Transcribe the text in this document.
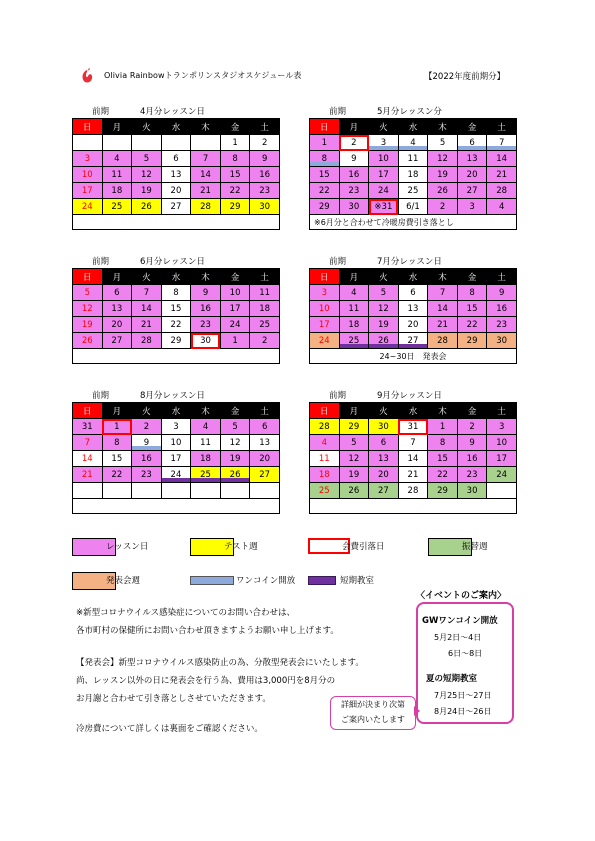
Olivia Rainbowトランポリンスタジオスケジュール表	【2022年度前期分】
前期	4月分レッスン日
日	月	火	水	木	金	土
					1	2
3	4	5	6	7	8	9
10	11	12	13	14	15	16
17	18	19	20	21	22	23
24	25	26	27	28	29	30
前期	5月分レッスン分
日	月	火	水	木	金	土
1	2	3	4	5	6	7
8	9	10	11	12	13	14
15	16	17	18	19	20	21
22	23	24	25	26	27	28
29	30	※31	6/1	2	3	4
※6月分と合わせて冷暖房費引き落とし
前期	6月分レッスン日
日	月	火	水	木	金	土
5	6	7	8	9	10	11
12	13	14	15	16	17	18
19	20	21	22	23	24	25
26	27	28	29	30	1	2
前期	7月分レッスン日
日	月	火	水	木	金	土
3	4	5	6	7	8	9
10	11	12	13	14	15	16
17	18	19	20	21	22	23
24	25	26	27	28	29	30
24~30日　発表会
前期	8月分レッスン日
日	月	火	水	木	金	土
31	1	2	3	4	5	6
7	8	9	10	11	12	13
14	15	16	17	18	19	20
21	22	23	24	25	26	27

前期	9月分レッスン日
日	月	火	水	木	金	土
28	29	30	31	1	2	3
4	5	6	7	8	9	10
11	12	13	14	15	16	17
18	19	20	21	22	23	24
25	26	27	28	29	30	
レッスン日	テスト週	会費引落日	振替週
発表会週	ワンコイン開放	短期教室
※新型コロナウイルス感染症についてのお問い合わせは、
各市町村の保健所にお問い合わせ頂きますようお願い申し上げます。
【発表会】新型コロナウイルス感染防止の為、分散型発表会にいたします。
尚、レッスン以外の日に発表会を行う為、費用は3,000円を8月分の
お月謝と合わせて引き落としさせていただきます。
冷房費について詳しくは裏面をご確認ください。
〈イベントのご案内〉
GWワンコイン開放
5月2日～4日
6日～8日
夏の短期教室
7月25日～27日
8月24日～26日
詳細が決まり次第
ご案内いたします
